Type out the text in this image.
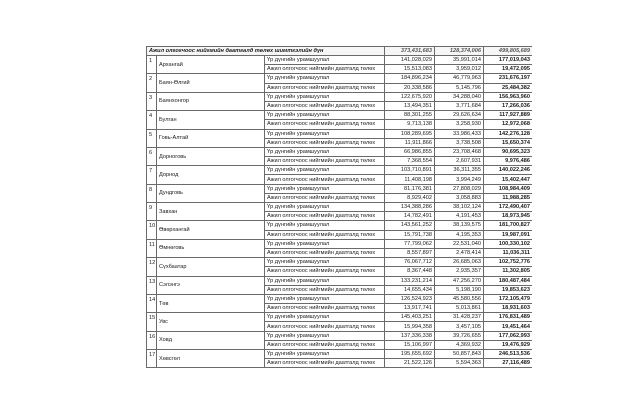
Ажил олгогчоос нийгмийн даатгалд төлөх шимтгэлийн дүн			373,431,683	128,374,006	499,805,689
1	Архангай	Үр дүнгийн урамшуулал	141,028,029	35,991,014	177,019,043
		Ажил олгогчоос нийгмийн даатгалд төлөх	15,513,083	3,959,012	19,472,095
2	Баян-Өлгий	Үр дүнгийн урамшуулал	184,896,234	46,779,963	231,676,197
		Ажил олгогчоос нийгмийн даатгалд төлөх	20,338,586	5,145,796	25,484,382
3	Баянхонгор	Үр дүнгийн урамшуулал	122,675,920	34,288,040	156,963,960
		Ажил олгогчоос нийгмийн даатгалд төлөх	13,494,351	3,771,684	17,266,036
4	Булган	Үр дүнгийн урамшуулал	88,301,255	29,626,634	117,927,889
		Ажил олгогчоос нийгмийн даатгалд төлөх	9,713,138	3,258,930	12,972,068
5	Говь-Алтай	Үр дүнгийн урамшуулал	108,289,695	33,986,433	142,276,128
		Ажил олгогчоос нийгмийн даатгалд төлөх	11,911,866	3,738,508	15,650,374
6	Дорноговь	Үр дүнгийн урамшуулал	66,986,855	23,708,468	90,695,323
		Ажил олгогчоос нийгмийн даатгалд төлөх	7,368,554	2,607,931	9,976,486
7	Дорнод	Үр дүнгийн урамшуулал	103,710,891	36,311,355	140,022,246
		Ажил олгогчоос нийгмийн даатгалд төлөх	11,408,198	3,994,249	15,402,447
8	Дундговь	Үр дүнгийн урамшуулал	81,176,381	27,808,029	108,984,409
		Ажил олгогчоос нийгмийн даатгалд төлөх	8,929,402	3,058,883	11,988,285
9	Завхан	Үр дүнгийн урамшуулал	134,388,286	38,102,124	172,490,407
		Ажил олгогчоос нийгмийн даатгалд төлөх	14,782,491	4,191,453	18,973,945
10	Өвөрхангай	Үр дүнгийн урамшуулал	143,561,252	38,139,575	181,700,827
		Ажил олгогчоос нийгмийн даатгалд төлөх	15,791,738	4,195,353	19,987,091
11	Өмнөговь	Үр дүнгийн урамшуулал	77,799,062	22,531,040	100,330,102
		Ажил олгогчоос нийгмийн даатгалд төлөх	8,557,897	2,478,414	11,036,311
12	Сүхбаатар	Үр дүнгийн урамшуулал	76,067,712	26,685,063	102,752,776
		Ажил олгогчоос нийгмийн даатгалд төлөх	8,367,448	2,935,357	11,302,805
13	Сэлэнгэ	Үр дүнгийн урамшуулал	133,231,214	47,256,270	180,487,484
		Ажил олгогчоос нийгмийн даатгалд төлөх	14,655,434	5,198,190	19,853,623
14	Төв	Үр дүнгийн урамшуулал	126,524,923	45,580,556	172,105,479
		Ажил олгогчоос нийгмийн даатгалд төлөх	13,917,741	5,013,861	18,931,603
15	Увс	Үр дүнгийн урамшуулал	145,403,251	31,428,237	176,831,489
		Ажил олгогчоос нийгмийн даатгалд төлөх	15,994,358	3,457,105	19,451,464
16	Ховд	Үр дүнгийн урамшуулал	137,336,338	39,726,655	177,062,993
		Ажил олгогчоос нийгмийн даатгалд төлөх	15,106,997	4,369,932	19,476,929
17	Хөвсгөл	Үр дүнгийн урамшуулал	195,655,692	50,857,843	246,513,536
		Ажил олгогчоос нийгмийн даатгалд төлөх	21,522,126	5,594,363	27,116,489
